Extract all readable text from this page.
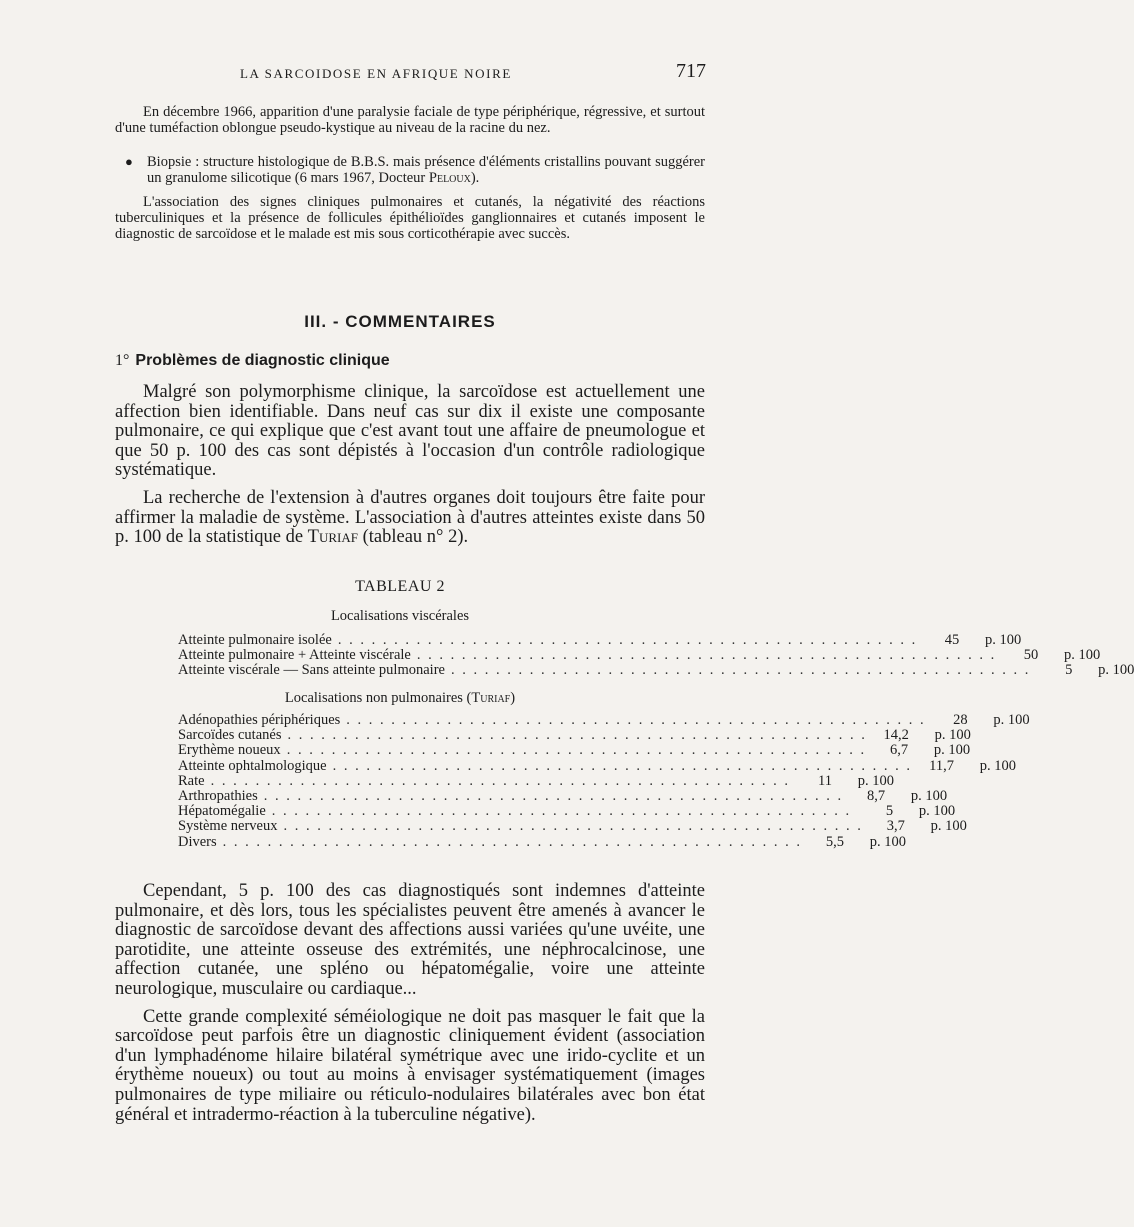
LA SARCOIDOSE EN AFRIQUE NOIRE	717

En décembre 1966, apparition d'une paralysie faciale de type périphérique, régressive, et surtout d'une tuméfaction oblongue pseudo-kystique au niveau de la racine du nez.

● Biopsie : structure histologique de B.B.S. mais présence d'éléments cristallins pouvant suggérer un granulome silicotique (6 mars 1967, Docteur Peloux).

L'association des signes cliniques pulmonaires et cutanés, la négativité des réactions tuberculiniques et la présence de follicules épithélioïdes ganglionnaires et cutanés imposent le diagnostic de sarcoïdose et le malade est mis sous corticothérapie avec succès.

III. - COMMENTAIRES
1° Problèmes de diagnostic clinique

Malgré son polymorphisme clinique, la sarcoïdose est actuellement une affection bien identifiable. Dans neuf cas sur dix il existe une composante pulmonaire, ce qui explique que c'est avant tout une affaire de pneumologue et que 50 p. 100 des cas sont dépistés à l'occasion d'un contrôle radiologique systématique.

La recherche de l'extension à d'autres organes doit toujours être faite pour affirmer la maladie de système. L'association à d'autres atteintes existe dans 50 p. 100 de la statistique de Turiaf (tableau n° 2).

TABLEAU 2
Localisations viscérales
Atteinte pulmonaire isolée . . . . . . . . . . . . . . . . . . . . . . . . . . . . . . . . . . . . . . . . . . . . . . . . . . . .	45	p. 100
Atteinte pulmonaire + Atteinte viscérale . . . . . . . . . . . . . . . . . . . . . . . . . . . . . . . . . . . . . . . . . . . . . . . . . . . .	50	p. 100
Atteinte viscérale — Sans atteinte pulmonaire . . . . . . . . . . . . . . . . . . . . . . . . . . . . . . . . . . . . . . . . . . . . . . . . . . . .	5	p. 100
Localisations non pulmonaires (Turiaf)
Adénopathies périphériques . . . . . . . . . . . . . . . . . . . . . . . . . . . . . . . . . . . . . . . . . . . . . . . . . . . .	28	p. 100
Sarcoïdes cutanés . . . . . . . . . . . . . . . . . . . . . . . . . . . . . . . . . . . . . . . . . . . . . . . . . . . .	14,2	p. 100
Erythème noueux . . . . . . . . . . . . . . . . . . . . . . . . . . . . . . . . . . . . . . . . . . . . . . . . . . . .	6,7	p. 100
Atteinte ophtalmologique . . . . . . . . . . . . . . . . . . . . . . . . . . . . . . . . . . . . . . . . . . . . . . . . . . . .	11,7	p. 100
Rate . . . . . . . . . . . . . . . . . . . . . . . . . . . . . . . . . . . . . . . . . . . . . . . . . . . .	11	p. 100
Arthropathies . . . . . . . . . . . . . . . . . . . . . . . . . . . . . . . . . . . . . . . . . . . . . . . . . . . .	8,7	p. 100
Hépatomégalie . . . . . . . . . . . . . . . . . . . . . . . . . . . . . . . . . . . . . . . . . . . . . . . . . . . .	5	p. 100
Système nerveux . . . . . . . . . . . . . . . . . . . . . . . . . . . . . . . . . . . . . . . . . . . . . . . . . . . .	3,7	p. 100
Divers . . . . . . . . . . . . . . . . . . . . . . . . . . . . . . . . . . . . . . . . . . . . . . . . . . . .	5,5	p. 100

Cependant, 5 p. 100 des cas diagnostiqués sont indemnes d'atteinte pulmonaire, et dès lors, tous les spécialistes peuvent être amenés à avancer le diagnostic de sarcoïdose devant des affections aussi variées qu'une uvéite, une parotidite, une atteinte osseuse des extrémités, une néphrocalcinose, une affection cutanée, une spléno ou hépatomégalie, voire une atteinte neurologique, musculaire ou cardiaque...

Cette grande complexité séméiologique ne doit pas masquer le fait que la sarcoïdose peut parfois être un diagnostic cliniquement évident (association d'un lymphadénome hilaire bilatéral symétrique avec une irido-cyclite et un érythème noueux) ou tout au moins à envisager systématiquement (images pulmonaires de type miliaire ou réticulo-nodulaires bilatérales avec bon état général et intradermo-réaction à la tuberculine négative).
